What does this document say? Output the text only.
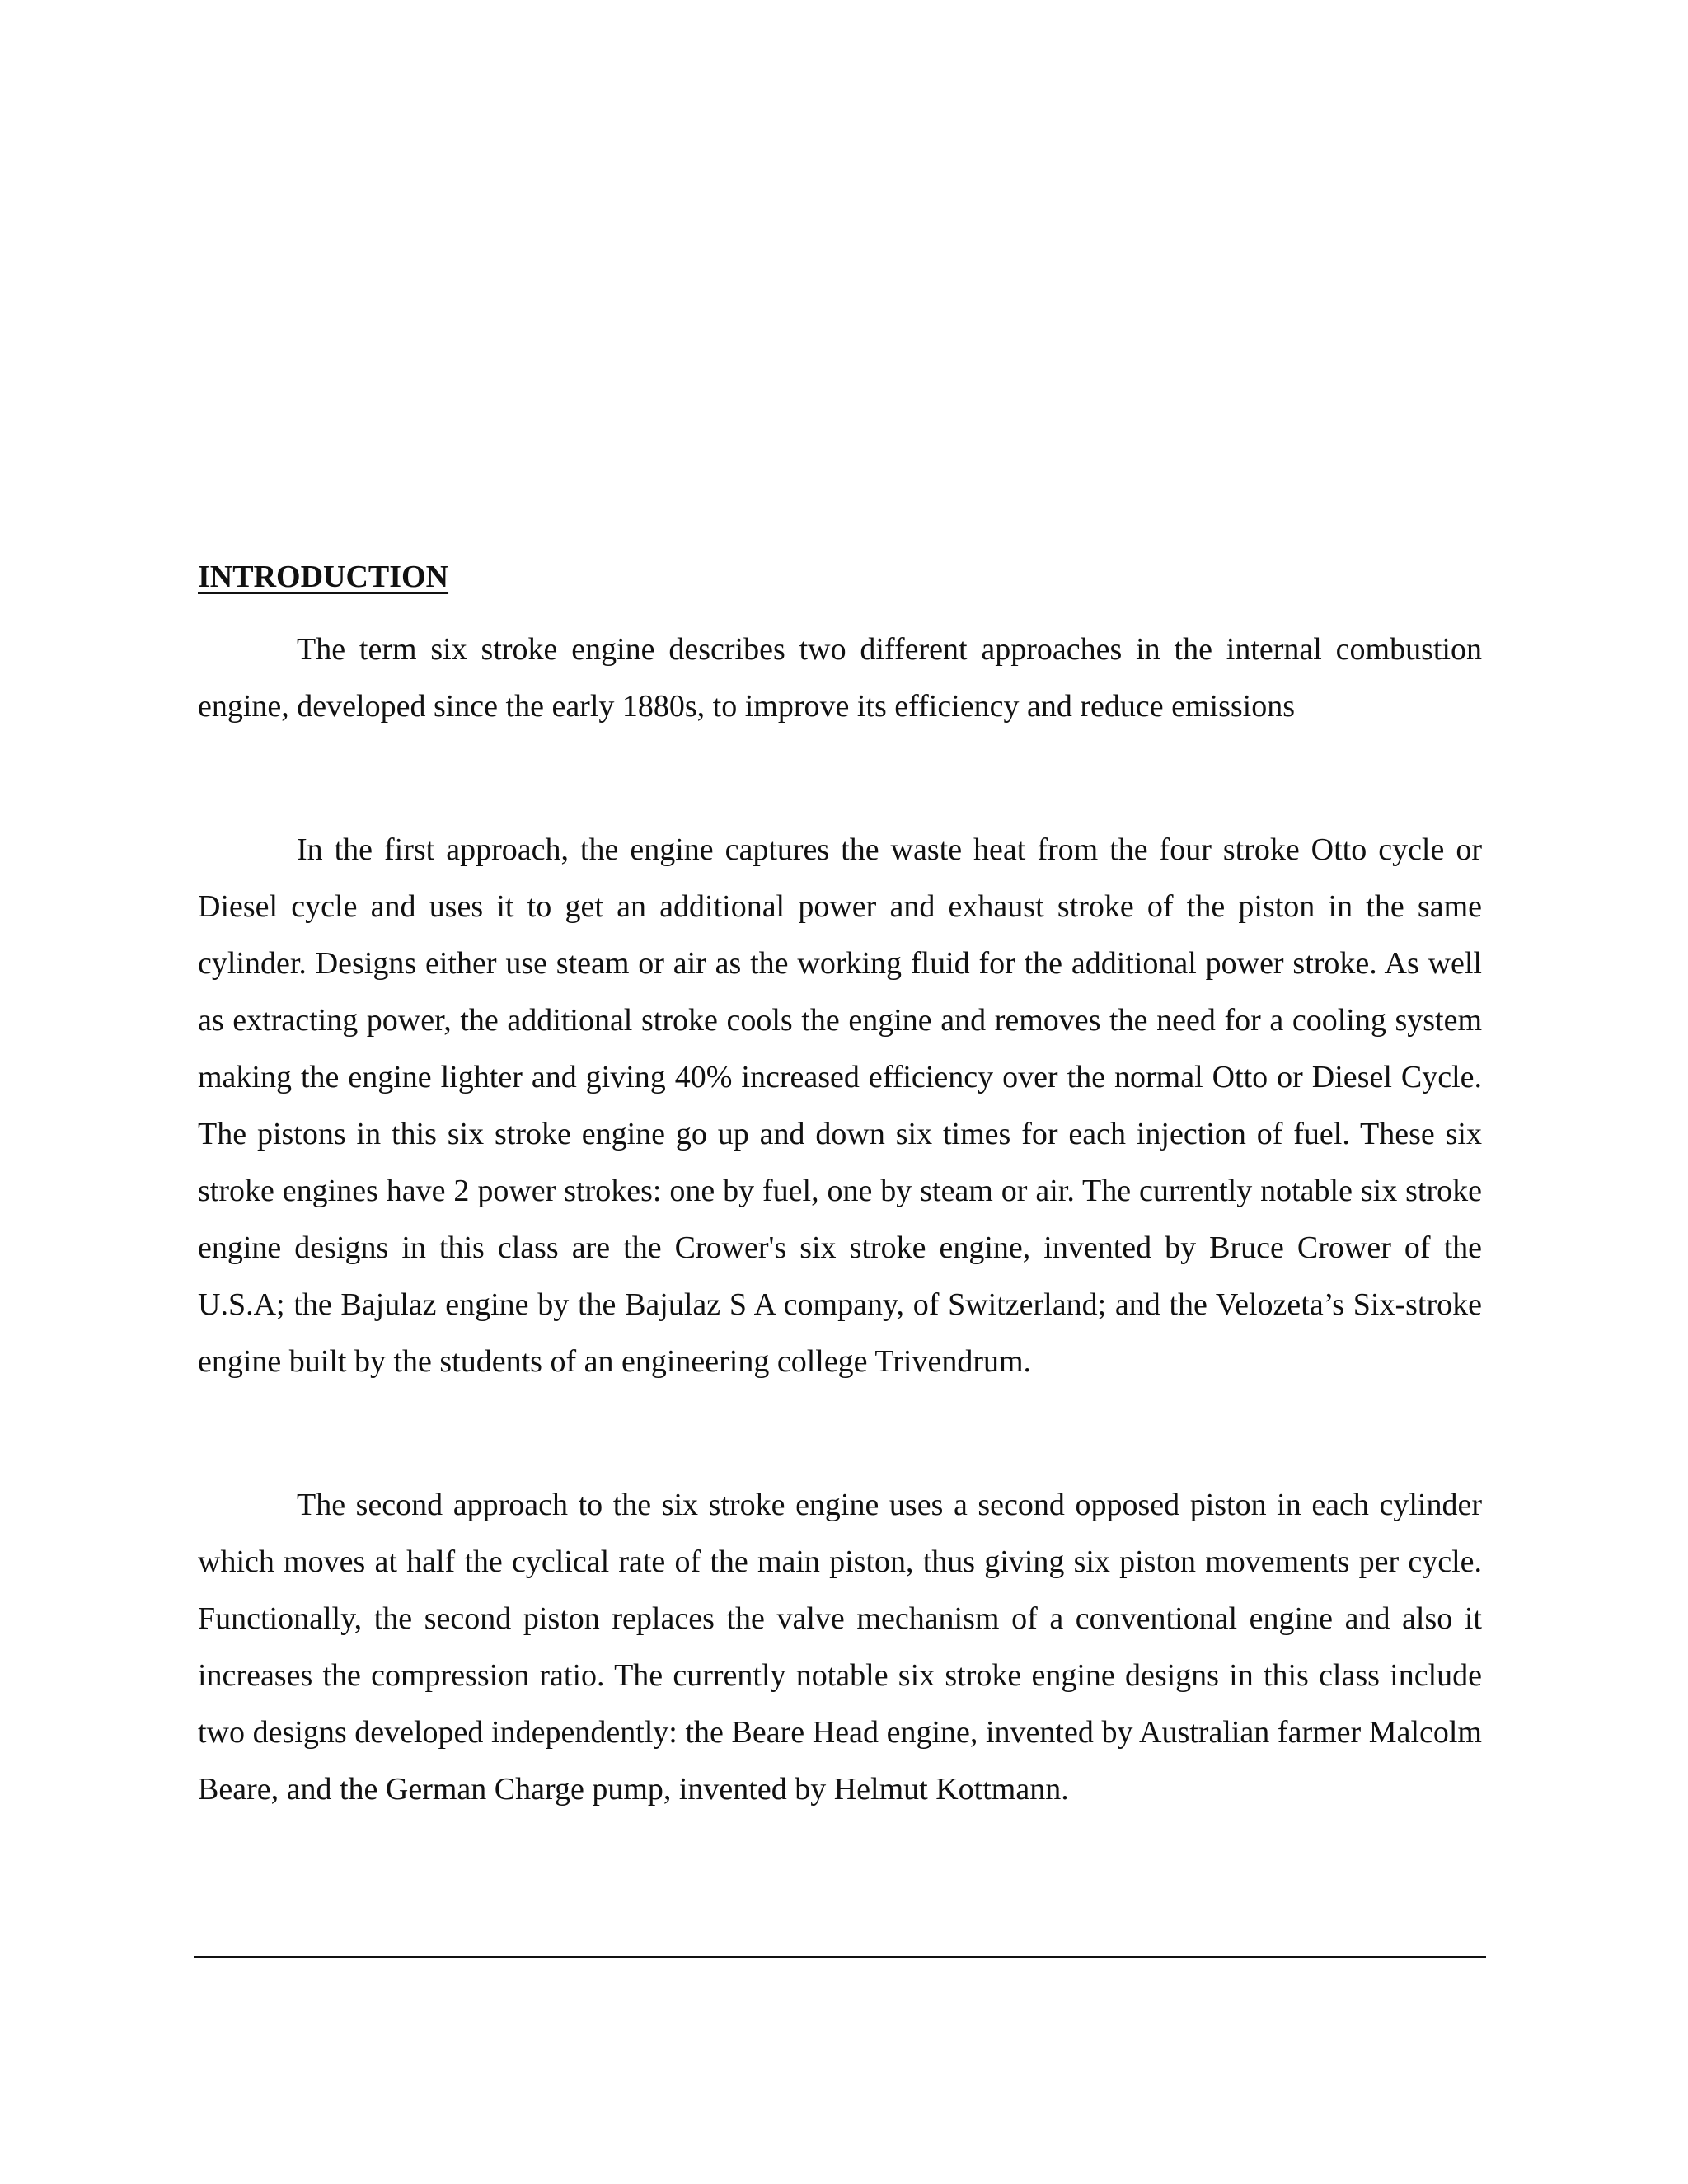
INTRODUCTION

The term six stroke engine describes two different approaches in the internal combustion engine, developed since the early 1880s, to improve its efficiency and reduce emissions

In the first approach, the engine captures the waste heat from the four stroke Otto cycle or Diesel cycle and uses it to get an additional power and exhaust stroke of the piston in the same cylinder. Designs either use steam or air as the working fluid for the additional power stroke. As well as extracting power, the additional stroke cools the engine and removes the need for a cooling system making the engine lighter and giving 40% increased efficiency over the normal Otto or Diesel Cycle. The pistons in this six stroke engine go up and down six times for each injection of fuel. These six stroke engines have 2 power strokes: one by fuel, one by steam or air. The currently notable six stroke engine designs in this class are the Crower's six stroke engine, invented by Bruce Crower of the U.S.A; the Bajulaz engine by the Bajulaz S A company, of Switzerland; and the Velozeta’s Six-stroke engine built by the students of an engineering college Trivendrum.

The second approach to the six stroke engine uses a second opposed piston in each cylinder which moves at half the cyclical rate of the main piston, thus giving six piston movements per cycle. Functionally, the second piston replaces the valve mechanism of a conventional engine and also it increases the compression ratio. The currently notable six stroke engine designs in this class include two designs developed independently: the Beare Head engine, invented by Australian farmer Malcolm Beare, and the German Charge pump, invented by Helmut Kottmann.
